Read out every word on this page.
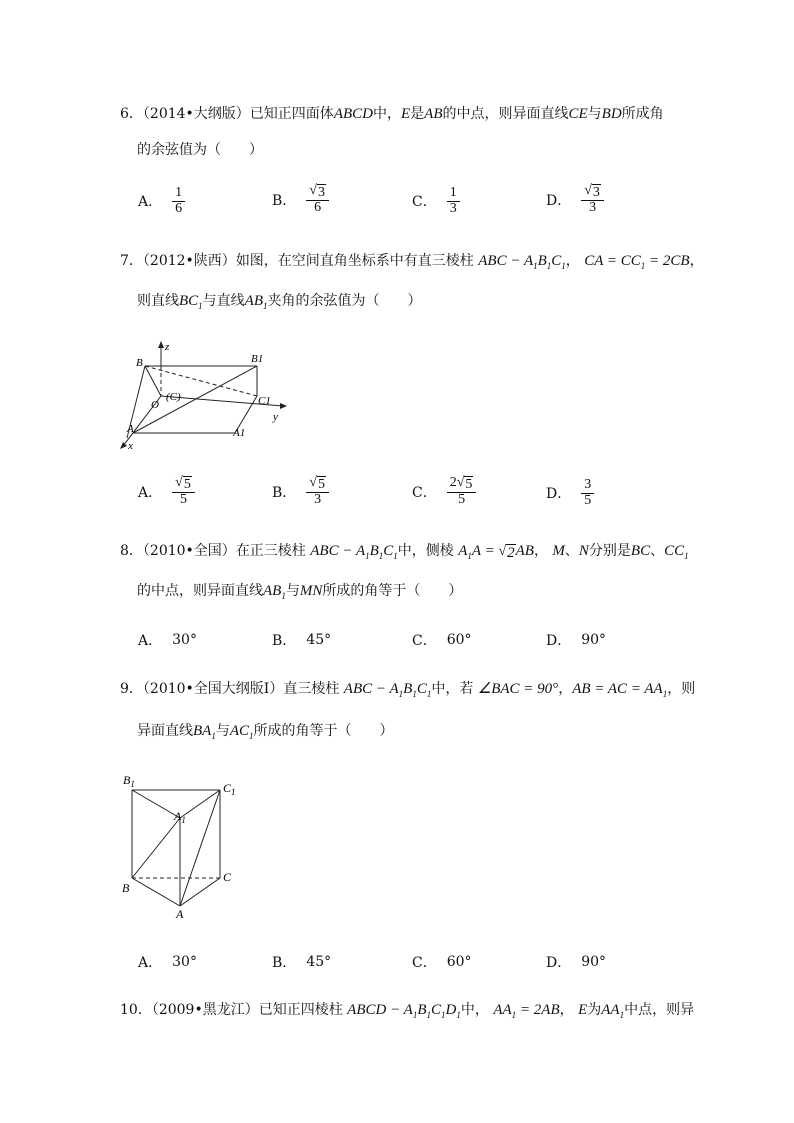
6．（2014•大纲版）已知正四面体ABCD中，E是AB的中点，则异面直线CE与BD所成角
的余弦值为（　　）
A． $\frac{1}{6}$	B． $\frac{√ 3}{6}$	C． $\frac{1}{3}$	D． $\frac{√ 3}{3}$
7．（2012•陕西）如图，在空间直角坐标系中有直三棱柱 ABC − $A_1B_1C_1$， CA = $CC_1 = 2CB$，
则直线$BC_1$与直线$AB_1$夹角的余弦值为（　　）
z
B	B1
(C)
O	C1
y
A	A1
x
A． $\frac{√ 5}{5}$	B． $\frac{√ 5}{3}$	C． $\frac{2 √ 5}{5}$	D． $\frac{3}{5}$
8．（2010•全国）在正三棱柱 ABC − $A_1B_1C_1$中，侧棱 $A_1A$ = √ 2 AB， M、N分别是BC、$CC_1$
的中点，则异面直线$AB_1$与MN所成的角等于（　　）
A． 30°	B． 45°	C． 60°	D． 90°
9．（2010•全国大纲版Ⅰ）直三棱柱 ABC − $A_1B_1C_1$中，若 ∠BAC = 90°，AB = AC = $AA_1$，则
异面直线$BA_1$与$AC_1$所成的角等于（　　）
$B_1$	$C_1$
$A_1$
B
C
A
A． 30°	B． 45°	C． 60°	D． 90°
10．（2009•黑龙江）已知正四棱柱 ABCD − $A_1B_1C_1D_1$中， $AA_1 = 2AB$， E为$AA_1$中点，则异
